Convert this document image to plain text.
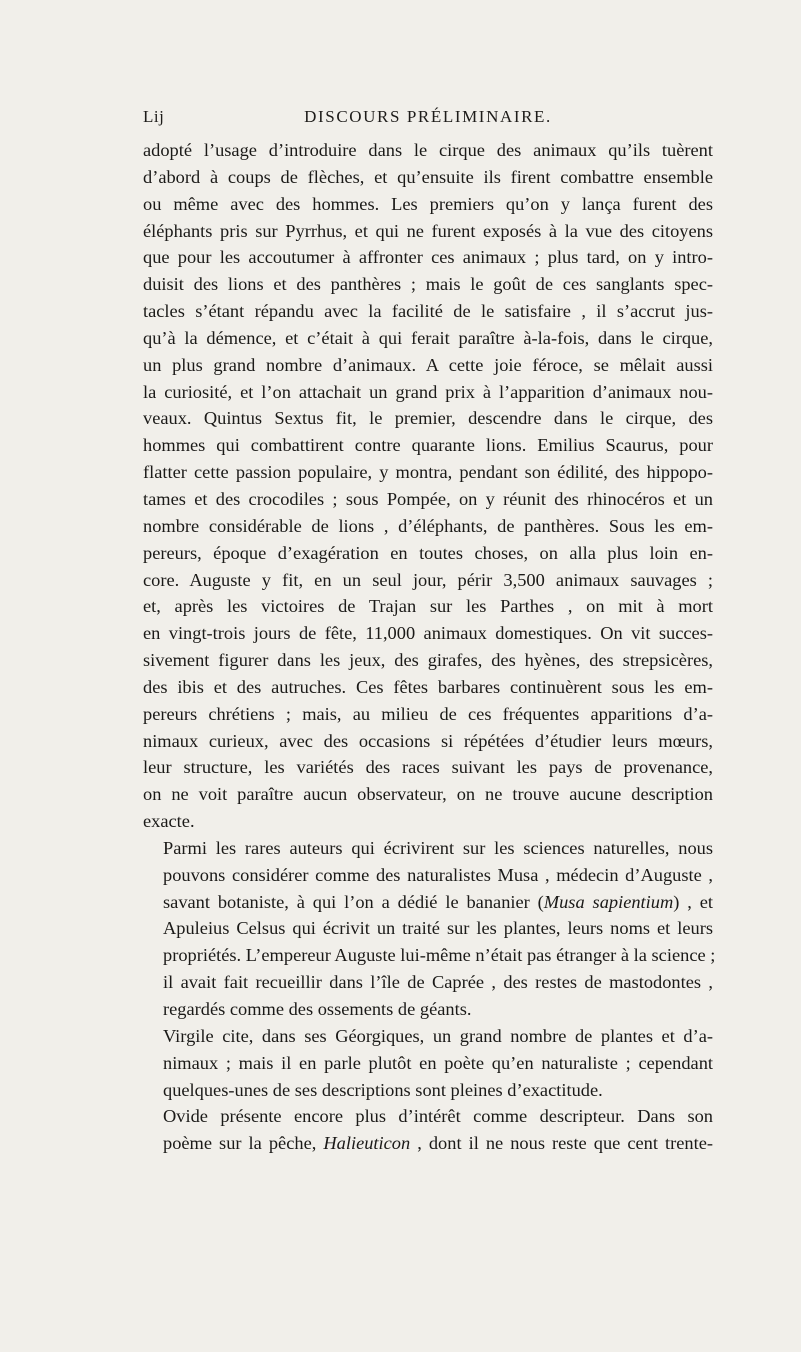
Lij	DISCOURS PRÉLIMINAIRE.
adopté l’usage d’introduire dans le cirque des animaux qu’ils tuèrent
d’abord à coups de flèches, et qu’ensuite ils firent combattre ensemble
ou même avec des hommes. Les premiers qu’on y lança furent des
éléphants pris sur Pyrrhus, et qui ne furent exposés à la vue des citoyens
que pour les accoutumer à affronter ces animaux ; plus tard, on y intro-
duisit des lions et des panthères ; mais le goût de ces sanglants spec-
tacles s’étant répandu avec la facilité de le satisfaire , il s’accrut jus-
qu’à la démence, et c’était à qui ferait paraître à-la-fois, dans le cirque,
un plus grand nombre d’animaux. A cette joie féroce, se mêlait aussi
la curiosité, et l’on attachait un grand prix à l’apparition d’animaux nou-
veaux. Quintus Sextus fit, le premier, descendre dans le cirque, des
hommes qui combattirent contre quarante lions. Emilius Scaurus, pour
flatter cette passion populaire, y montra, pendant son édilité, des hippopo-
tames et des crocodiles ; sous Pompée, on y réunit des rhinocéros et un
nombre considérable de lions , d’éléphants, de panthères. Sous les em-
pereurs, époque d’exagération en toutes choses, on alla plus loin en-
core. Auguste y fit, en un seul jour, périr 3,500 animaux sauvages ;
et, après les victoires de Trajan sur les Parthes , on mit à mort
en vingt-trois jours de fête, 11,000 animaux domestiques. On vit succes-
sivement figurer dans les jeux, des girafes, des hyènes, des strepsicères,
des ibis et des autruches. Ces fêtes barbares continuèrent sous les em-
pereurs chrétiens ; mais, au milieu de ces fréquentes apparitions d’a-
nimaux curieux, avec des occasions si répétées d’étudier leurs mœurs,
leur structure, les variétés des races suivant les pays de provenance,
on ne voit paraître aucun observateur, on ne trouve aucune description
exacte.
Parmi les rares auteurs qui écrivirent sur les sciences naturelles, nous
pouvons considérer comme des naturalistes Musa , médecin d’Auguste ,
savant botaniste, à qui l’on a dédié le bananier (Musa sapientium) , et
Apuleius Celsus qui écrivit un traité sur les plantes, leurs noms et leurs
propriétés. L’empereur Auguste lui-même n’était pas étranger à la science ;
il avait fait recueillir dans l’île de Caprée , des restes de mastodontes ,
regardés comme des ossements de géants.
Virgile cite, dans ses Géorgiques, un grand nombre de plantes et d’a-
nimaux ; mais il en parle plutôt en poète qu’en naturaliste ; cependant
quelques-unes de ses descriptions sont pleines d’exactitude.
Ovide présente encore plus d’intérêt comme descripteur. Dans son
poème sur la pêche, Halieuticon , dont il ne nous reste que cent trente-
